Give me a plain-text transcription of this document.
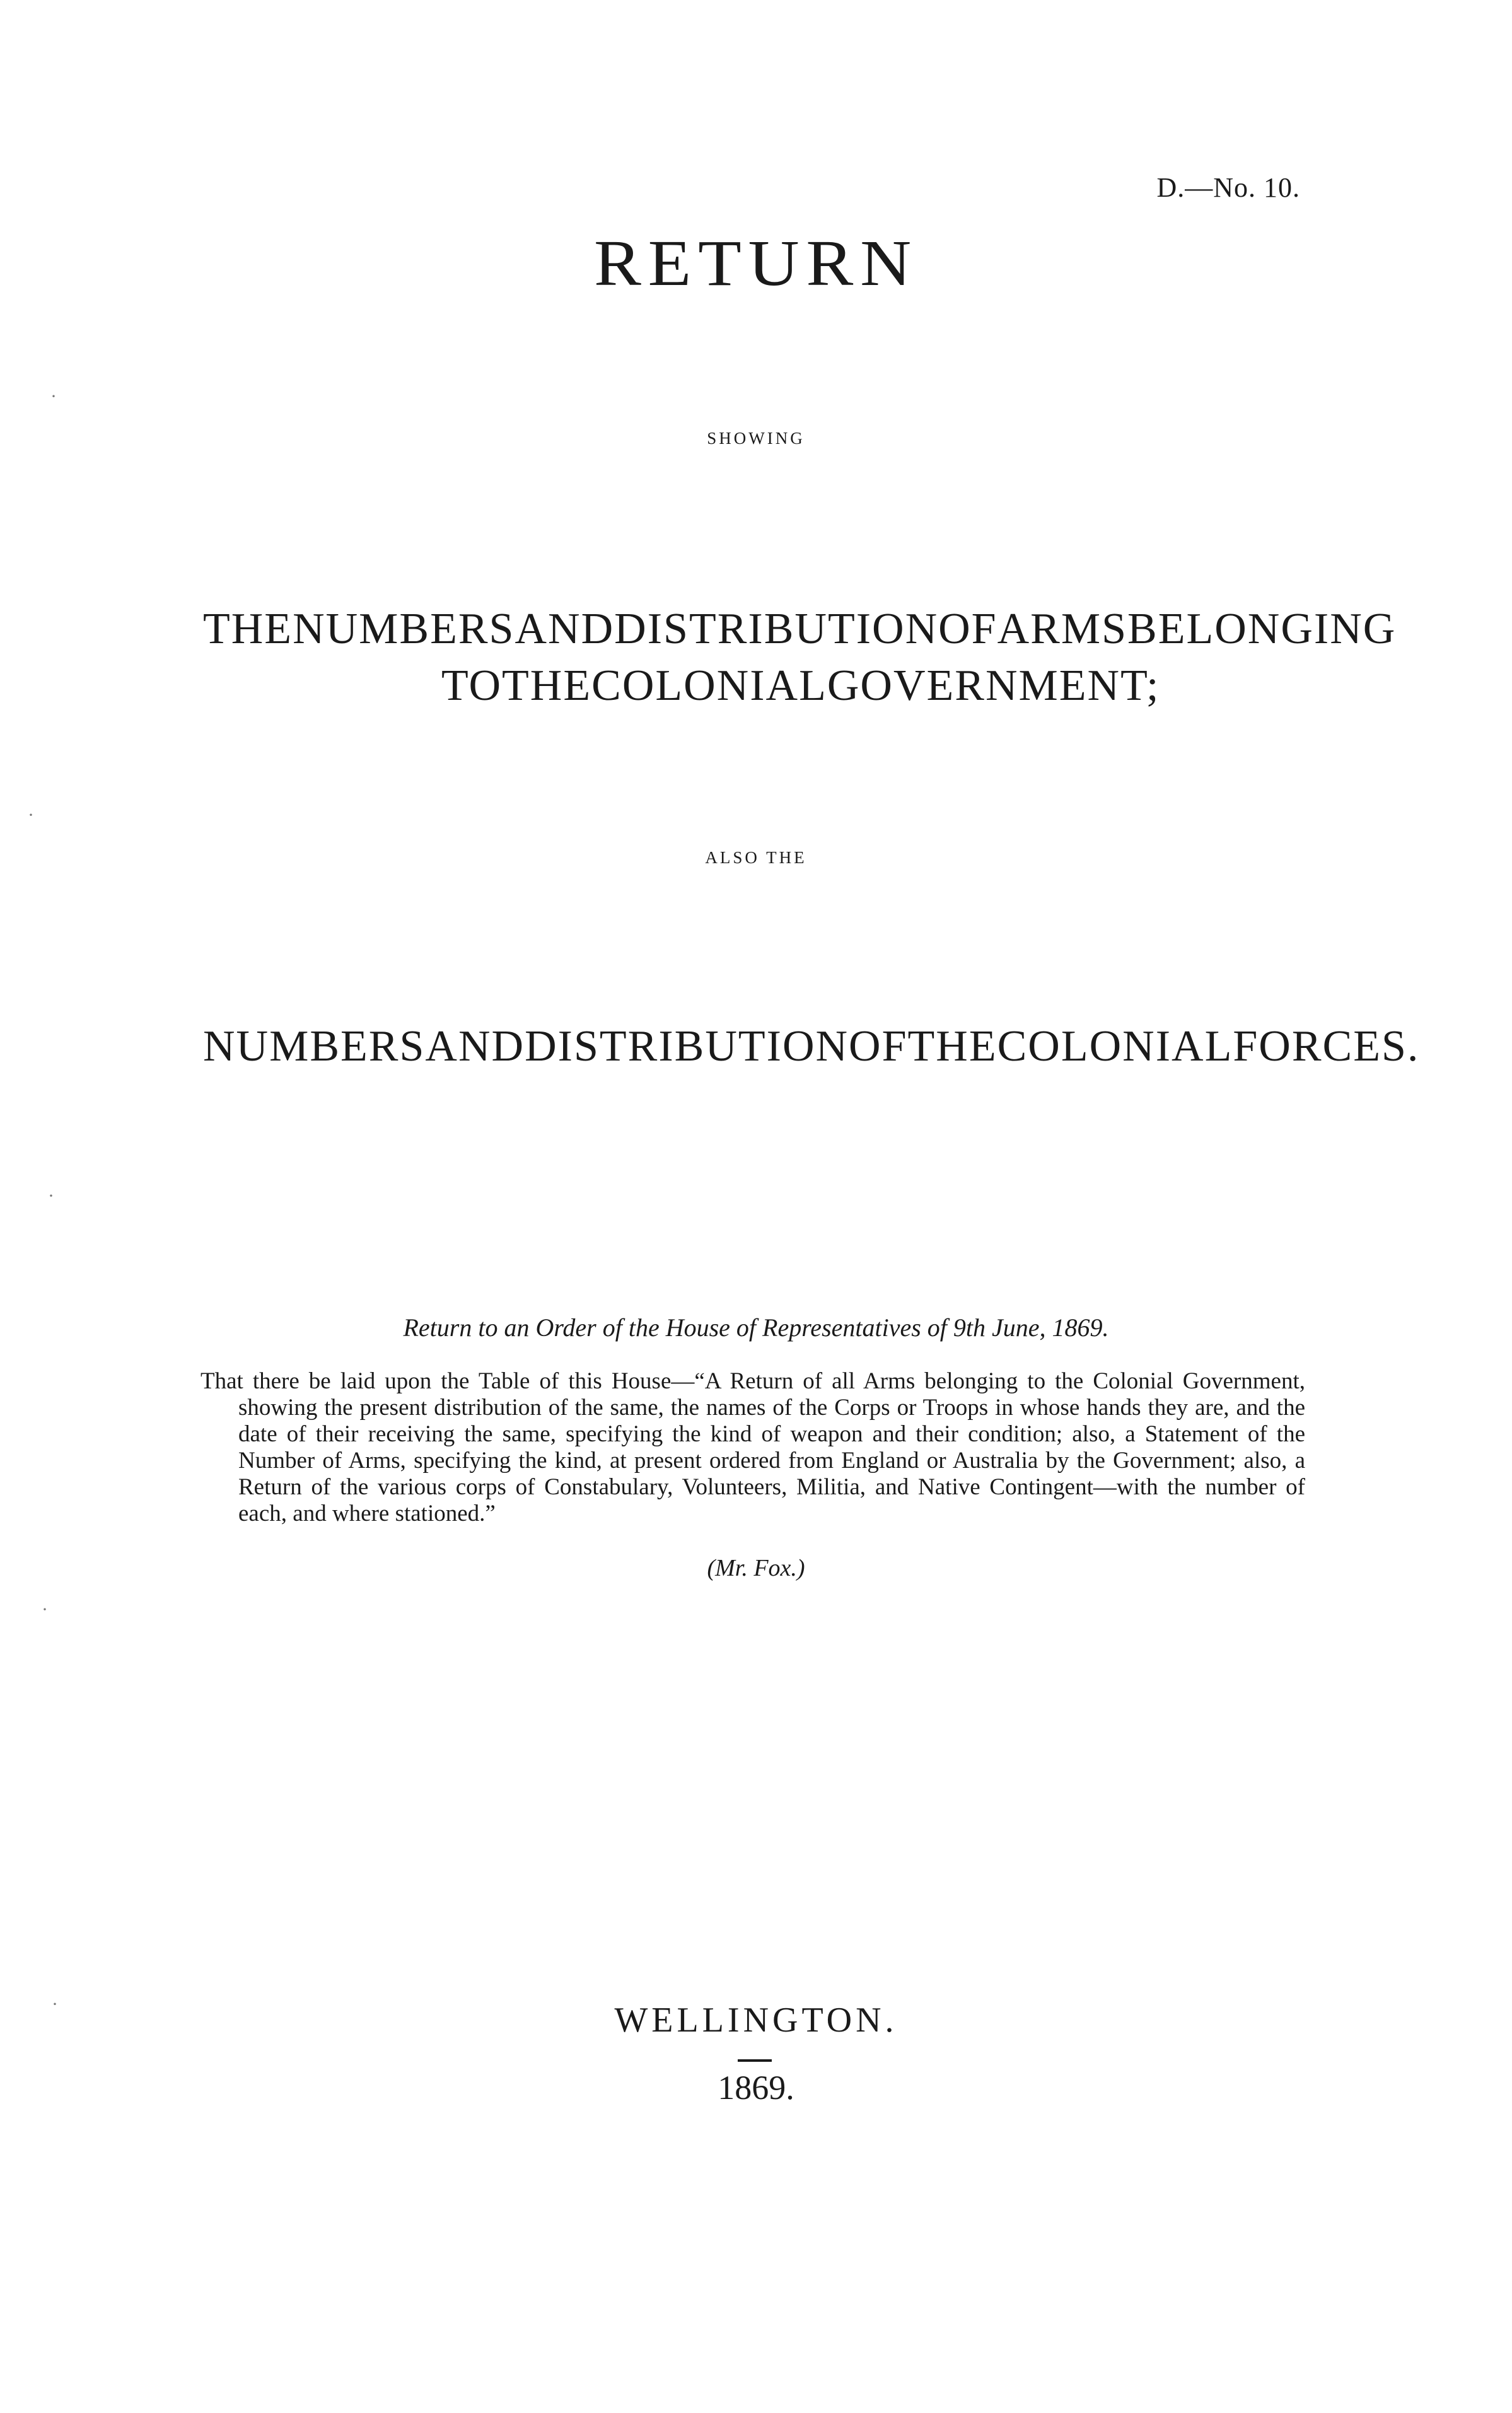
D.—No. 10.
RETURN
SHOWING
THE NUMBERS AND DISTRIBUTION OF ARMS BELONGING
TO THE COLONIAL GOVERNMENT;
ALSO THE
NUMBERS AND DISTRIBUTION OF THE COLONIAL FORCES.
Return to an Order of the House of Representatives of 9th June, 1869.
That there be laid upon the Table of this House—“A Return of all Arms belonging to the Colonial Government, showing the present distribution of the same, the names of the Corps or Troops in whose hands they are, and the date of their receiving the same, specifying the kind of weapon and their condition; also, a Statement of the Number of Arms, specifying the kind, at present ordered from England or Australia by the Government; also, a Return of the various corps of Constabulary, Volunteers, Militia, and Native Contingent—with the number of each, and where stationed.”
(Mr. Fox.)
WELLINGTON.
1869.
·
·
·
·
·
